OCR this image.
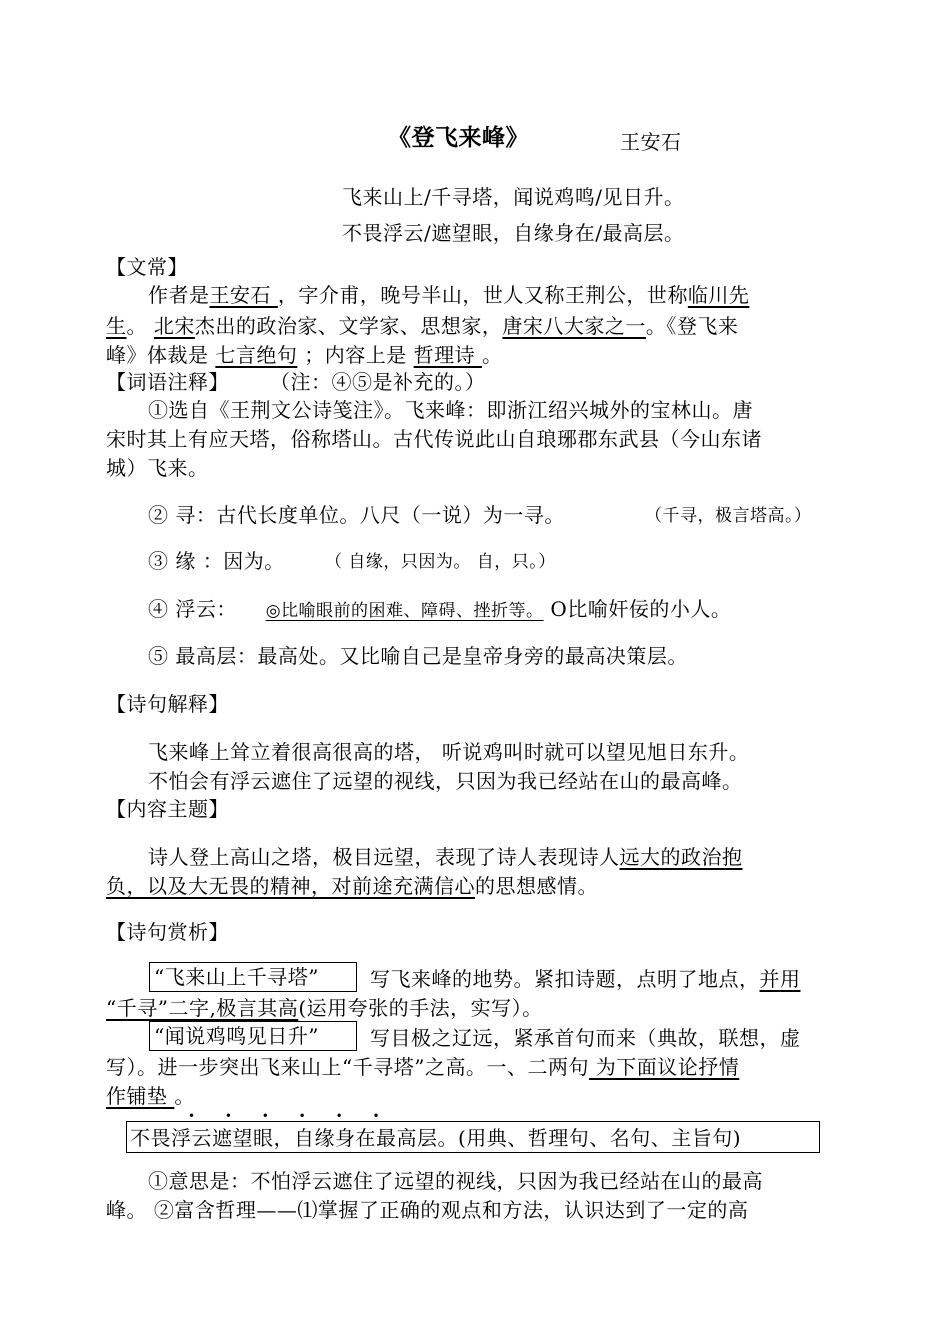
《登飞来峰》	王安石
飞来山上/千寻塔，闻说鸡鸣/见日升。
不畏浮云/遮望眼，自缘身在/最高层。
【文常】
作者是王安石 ，字介甫，晚号半山，世人又称王荆公，世称临川先
生。 北宋杰出的政治家、文学家、思想家，唐宋八大家之一。《登飞来
峰》体裁是 七言绝句 ；内容上是 哲理诗 。
【词语注释】 （注：④⑤是补充的。）
①选自《王荆文公诗笺注》。飞来峰：即浙江绍兴城外的宝林山。唐
宋时其上有应天塔，俗称塔山。古代传说此山自琅琊郡东武县（今山东诸
城）飞来。
② 寻：古代长度单位。八尺（一说）为一寻。	（千寻，极言塔高。）
③ 缘 ：因为。 （ 自缘，只因为。 自，只。）
④ 浮云： ◎比喻眼前的困难、障碍、挫折等。 O比喻奸佞的小人。
⑤ 最高层：最高处。又比喻自己是皇帝身旁的最高决策层。
【诗句解释】
飞来峰上耸立着很高很高的塔， 听说鸡叫时就可以望见旭日东升。
不怕会有浮云遮住了远望的视线，只因为我已经站在山的最高峰。
【内容主题】
诗人登上高山之塔，极目远望，表现了诗人表现诗人远大的政治抱
负，以及大无畏的精神，对前途充满信心的思想感情。
【诗句赏析】
“飞来山上千寻塔”	写飞来峰的地势。紧扣诗题，点明了地点，并用
“千寻”二字,极言其高(运用夸张的手法，实写）。
“闻说鸡鸣见日升”	写目极之辽远，紧承首句而来（典故，联想，虚
写）。进一步突出飞来山上“千寻塔”之高。一、二两句 为下面议论抒情
作铺垫 。
• • • • • •
不畏浮云遮望眼，自缘身在最高层。(用典、哲理句、名句、主旨句)
①意思是：不怕浮云遮住了远望的视线，只因为我已经站在山的最高
峰。 ②富含哲理——⑴掌握了正确的观点和方法，认识达到了一定的高
